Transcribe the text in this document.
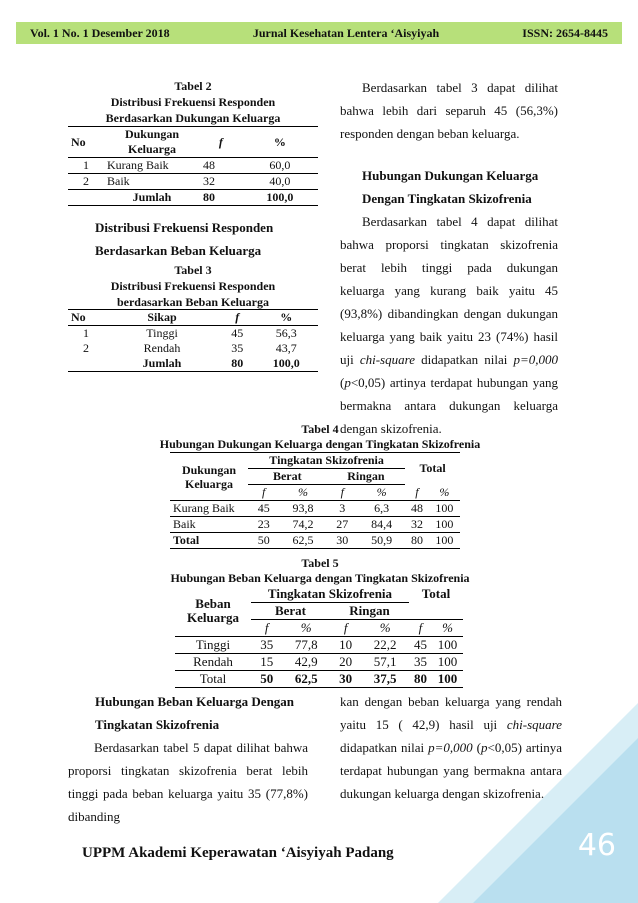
Vol. 1 No. 1 Desember 2018	Jurnal Kesehatan Lentera ‘Aisyiyah	ISSN: 2654-8445
Tabel 2
Distribusi Frekuensi Responden
Berdasarkan Dukungan Keluarga
No	Dukungan Keluarga	f	%
1	Kurang Baik	48	60,0
2	Baik	32	40,0
	Jumlah	80	100,0
Distribusi Frekuensi Responden
Berdasarkan Beban Keluarga
Tabel 3
Distribusi Frekuensi Responden
berdasarkan Beban Keluarga
No	Sikap	f	%
1	Tinggi	45	56,3
2	Rendah	35	43,7
	Jumlah	80	100,0
Berdasarkan tabel 3 dapat dilihat bahwa lebih dari separuh 45 (56,3%) responden dengan beban keluarga.
Hubungan Dukungan Keluarga
Dengan Tingkatan Skizofrenia
Berdasarkan tabel 4 dapat dilihat bahwa proporsi tingkatan skizofrenia berat lebih tinggi pada dukungan keluarga yang kurang baik yaitu 45 (93,8%) dibandingkan dengan dukungan keluarga yang baik yaitu 23 (74%) hasil uji chi-square didapatkan nilai p=0,000 (p<0,05) artinya terdapat hubungan yang bermakna antara dukungan keluarga dengan skizofrenia.
Tabel 4
Hubungan Dukungan Keluarga dengan Tingkatan Skizofrenia
Dukungan Keluarga	Tingkatan Skizofrenia				Total	
	Berat		Ringan			
	f	%	f	%	f	%
Kurang Baik	45	93,8	3	6,3	48	100
Baik	23	74,2	27	84,4	32	100
Total	50	62,5	30	50,9	80	100
Tabel 5
Hubungan Beban Keluarga dengan Tingkatan Skizofrenia
Beban Keluarga	Tingkatan Skizofrenia				Total	
	Berat		Ringan			
	f	%	f	%	f	%
Tinggi	35	77,8	10	22,2	45	100
Rendah	15	42,9	20	57,1	35	100
Total	50	62,5	30	37,5	80	100
Hubungan Beban Keluarga Dengan
Tingkatan Skizofrenia
Berdasarkan tabel 5 dapat dilihat bahwa proporsi tingkatan skizofrenia berat lebih tinggi pada beban keluarga yaitu 35 (77,8%) dibanding
kan dengan beban keluarga yang rendah yaitu 15 ( 42,9) hasil uji chi-square didapatkan nilai p=0,000 (p<0,05) artinya terdapat hubungan yang bermakna antara dukungan keluarga dengan skizofrenia.
46
UPPM Akademi Keperawatan ‘Aisyiyah Padang
